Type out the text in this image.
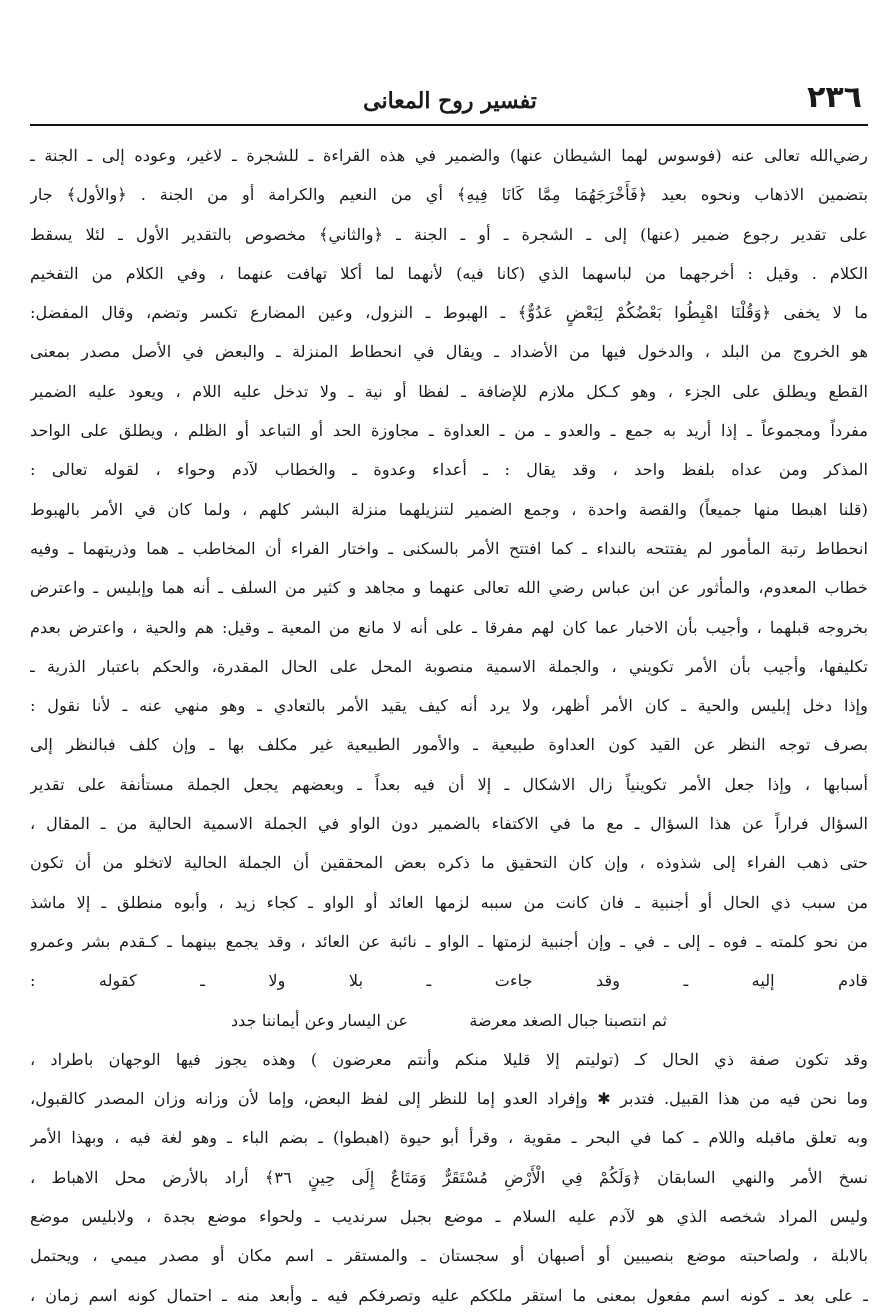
٢٣٦
تفسير روح المعانى
رضي‌الله تعالى عنه (فوسوس لهما الشيطان عنها) والضمير في هذه القراءة ـ للشجرة ـ لاغير، وعوده إلى ـ الجنة ـ
بتضمين الاذهاب ونحوه بعيد ﴿فَأَخْرَجَهُمَا مِمَّا كَانَا فِيهِ﴾ أي من النعيم والكرامة أو من الجنة . ﴿والأول﴾ جار
على تقدير رجوع ضمير (عنها) إلى ـ الشجرة ـ أو ـ الجنة ـ ﴿والثاني﴾ مخصوص بالتقدير الأول ـ لئلا يسقط
الكلام . وقيل : أخرجهما من لباسهما الذي (كانا فيه) لأنهما لما أكلا تهافت عنهما ، وفي الكلام من التفخيم
ما لا يخفى ﴿وَقُلْنَا اهْبِطُوا بَعْضُكُمْ لِبَعْضٍ عَدُوٌّ﴾ ـ الهبوط ـ النزول، وعين المضارع تكسر وتضم، وقال المفضل:
هو الخروج من البلد ، والدخول فيها من الأضداد ـ ويقال في انحطاط المنزلة ـ والبعض في الأصل مصدر بمعنى
القطع ويطلق على الجزء ، وهو كـكل ملازم للإضافة ـ لفظا أو نية ـ ولا تدخل عليه اللام ، ويعود عليه الضمير
مفرداً ومجموعاً ـ إذا أريد به جمع ـ والعدو ـ من ـ العداوة ـ مجاوزة الحد أو التباعد أو الظلم ، ويطلق على الواحد
المذكر ومن عداه بلفظ واحد ، وقد يقال : ـ أعداء وعدوة ـ والخطاب لآدم وحواء ، لقوله تعالى :
(قلنا اهبطا منها جميعاً) والقصة واحدة ، وجمع الضمير لتنزيلهما منزلة البشر كلهم ، ولما كان في الأمر بالهبوط
انحطاط رتبة المأمور لم يفتتحه بالنداء ـ كما افتتح الأمر بالسكنى ـ واختار الفراء أن المخاطب ـ هما وذريتهما ـ وفيه
خطاب المعدوم، والمأثور عن ابن عباس رضي الله تعالى عنهما و مجاهد و كثير من السلف ـ أنه هما وإبليس ـ واعترض
بخروجه قبلهما ، وأجيب بأن الاخبار عما كان لهم مفرقا ـ على أنه لا مانع من المعية ـ وقيل: هم والحية ، واعترض بعدم
تكليفها، وأجيب بأن الأمر تكويني ، والجملة الاسمية منصوبة المحل على الحال المقدرة، والحكم باعتبار الذرية ـ
وإذا دخل إبليس والحية ـ كان الأمر أظهر، ولا يرد أنه كيف يقيد الأمر بالتعادي ـ وهو منهي عنه ـ لأنا نقول :
بصرف توجه النظر عن القيد كون العداوة طبيعية ـ والأمور الطبيعية غير مكلف بها ـ وإن كلف فبالنظر إلى
أسبابها ، وإذا جعل الأمر تكوينياً زال الاشكال ـ إلا أن فيه بعداً ـ وبعضهم يجعل الجملة مستأنفة على تقدير
السؤال فراراً عن هذا السؤال ـ مع ما في الاكتفاء بالضمير دون الواو في الجملة الاسمية الحالية من ـ المقال ،
حتى ذهب الفراء إلى شذوذه ، وإن كان التحقيق ما ذكره بعض المحققين أن الجملة الحالية لاتخلو من أن تكون
من سبب ذي الحال أو أجنبية ـ فان كانت من سببه لزمها العائد أو الواو ـ كجاء زيد ، وأبوه منطلق ـ إلا ماشذ
من نحو كلمته ـ فوه ـ إلى ـ في ـ وإن أجنبية لزمتها ـ الواو ـ نائبة عن العائد ، وقد يجمع بينهما ـ كـقدم بشر وعمرو
قادم إليه ـ وقد جاءت ـ بلا ولا ـ كقوله :
ثم انتصبنا جبال الصغد معرضة عن اليسار وعن أيماننا جدد
وقد تكون صفة ذي الحال كـ (توليتم إلا قليلا منكم وأنتم معرضون ) وهذه يجوز فيها الوجهان باطراد ،
وما نحن فيه من هذا القبيل. فتدبر ✱ وإفراد العدو إما للنظر إلى لفظ البعض، وإما لأن وزانه وزان المصدر كالقبول،
وبه تعلق ماقبله واللام ـ كما في البحر ـ مقوية ، وقرأ أبو حيوة (اهبطوا) ـ بضم الباء ـ وهو لغة فيه ، وبهذا الأمر
نسخ الأمر والنهي السابقان ﴿وَلَكُمْ فِي الْأَرْضِ مُسْتَقَرٌّ وَمَتَاعٌ إِلَى حِينٍ ٣٦﴾ أراد بالأرض محل الاهباط ،
وليس المراد شخصه الذي هو لآدم عليه السلام ـ موضع بجبل سرنديب ـ ولحواء موضع بجدة ، ولابليس موضع
بالابلة ، ولصاحبته موضع بنصيبين أو أصبهان أو سجستان ـ والمستقر ـ اسم مكان أو مصدر ميمي ، ويحتمل
ـ على بعد ـ كونه اسم مفعول بمعنى ما استقر ملككم عليه وتصرفكم فيه ـ وأبعد منه ـ احتمال كونه اسم زمان ،
